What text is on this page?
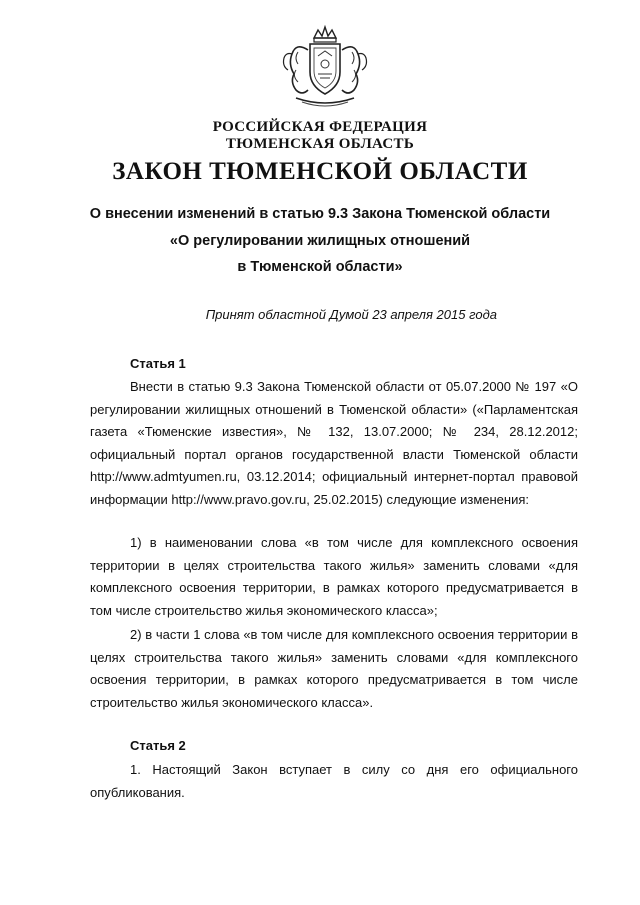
РОССИЙСКАЯ ФЕДЕРАЦИЯ
ТЮМЕНСКАЯ ОБЛАСТЬ
ЗАКОН ТЮМЕНСКОЙ ОБЛАСТИ
О внесении изменений в статью 9.3 Закона Тюменской области
«О регулировании жилищных отношений
в Тюменской области»
Принят областной Думой 23 апреля 2015 года
Статья 1

Внести в статью 9.3 Закона Тюменской области от 05.07.2000 № 197 «О регулировании жилищных отношений в Тюменской области» («Парламентская газета «Тюменские известия», № 132, 13.07.2000; № 234, 28.12.2012; официальный портал органов государственной власти Тюменской области http://www.admtyumen.ru, 03.12.2014; официальный интернет-портал правовой информации http://www.pravo.gov.ru, 25.02.2015) следующие изменения:

1) в наименовании слова «в том числе для комплексного освоения территории в целях строительства такого жилья» заменить словами «для комплексного освоения территории, в рамках которого предусматривается в том числе строительство жилья экономического класса»;

2) в части 1 слова «в том числе для комплексного освоения территории в целях строительства такого жилья» заменить словами «для комплексного освоения территории, в рамках которого предусматривается в том числе строительство жилья экономического класса».

Статья 2

1. Настоящий Закон вступает в силу со дня его официального опубликования.
